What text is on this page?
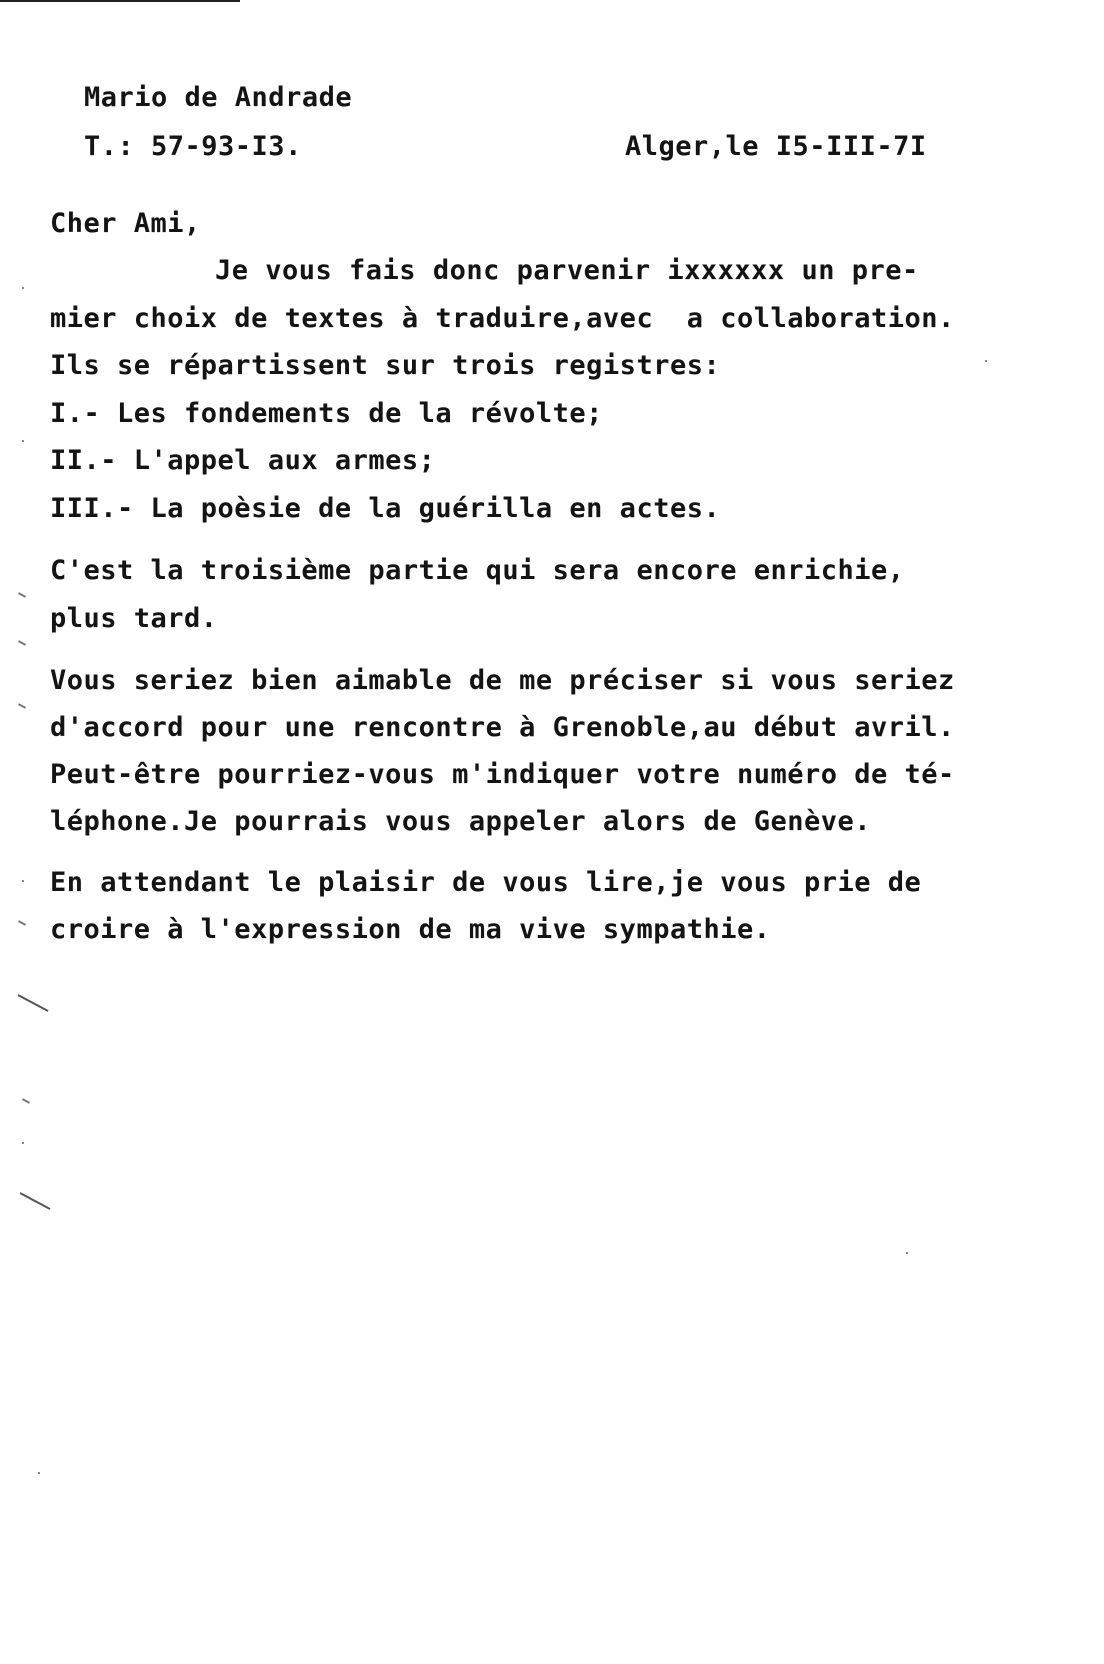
Mario de Andrade
T.: 57-93-I3.	Alger,le I5-III-7I
Cher Ami,
Je vous fais donc parvenir ixxxxxx un pre-
mier choix de textes à traduire,avec  a collaboration.
Ils se répartissent sur trois registres:
I.- Les fondements de la révolte;
II.- L'appel aux armes;
III.- La poèsie de la guérilla en actes.
C'est la troisième partie qui sera encore enrichie,
plus tard.
Vous seriez bien aimable de me préciser si vous seriez
d'accord pour une rencontre à Grenoble,au début avril.
Peut-être pourriez-vous m'indiquer votre numéro de té-
léphone.Je pourrais vous appeler alors de Genève.
En attendant le plaisir de vous lire,je vous prie de
croire à l'expression de ma vive sympathie.
